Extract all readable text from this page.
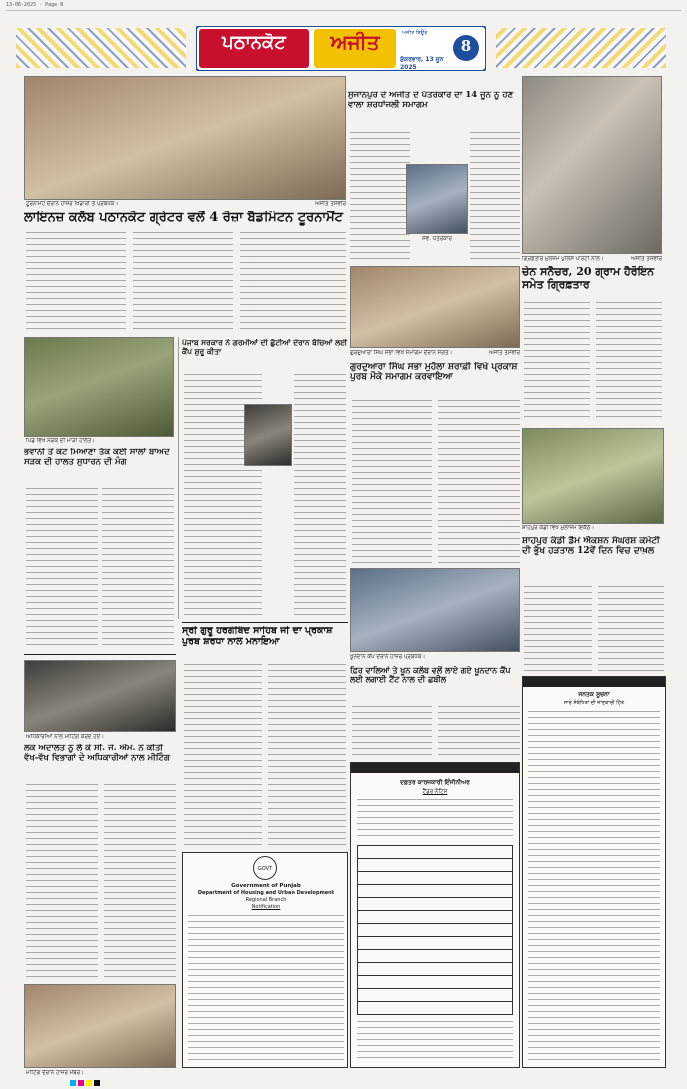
13-06-2025 · Page 8
ਪਠਾਨਕੋਟ	ਅਜੀਤ	ਅਜੀਤ ਬਿਊਰੋ
ਸ਼ੁੱਕਰਵਾਰ, 13 ਜੂਨ 2025
8
ਟੂਰਨਾਮੈਂਟ ਦੌਰਾਨ ਹਾਜ਼ਰ ਖਿਡਾਰੀ ਤੇ ਪ੍ਰਬੰਧਕ।	ਅਜੀਤ ਤਸਵੀਰ
ਲਾਇਨਜ਼ ਕਲੱਬ ਪਠਾਨਕੋਟ ਗ੍ਰੇਟਰ ਵਲੋਂ 4 ਰੋਜ਼ਾ ਬੈਡਮਿੰਟਨ ਟੂਰਨਾਮੈਂਟ
ਸੁਜਾਨਪੁਰ ਦੇ ਅਜੀਤ ਦੇ ਪੱਤਰਕਾਰ ਦਾ 14 ਜੂਨ ਨੂੰ ਹੋਣ ਵਾਲਾ ਸ਼ਰਧਾਂਜਲੀ ਸਮਾਗਮ
ਸਵ. ਪੱਤਰਕਾਰ
ਗ੍ਰਿਫ਼ਤਾਰ ਮੁਲਜ਼ਮ ਪੁਲਿਸ ਪਾਰਟੀ ਨਾਲ।	ਅਜੀਤ ਤਸਵੀਰ
ਚੇਨ ਸਨੈਚਰ, 20 ਗ੍ਰਾਮ ਹੈਰੋਇਨ ਸਮੇਤ ਗ੍ਰਿਫ਼ਤਾਰ
ਪਿੰਡ ਵਿਖੇ ਸੜਕ ਦੀ ਮਾੜੀ ਹਾਲਤ।
ਭਵਾਨੀ ਤੋਂ ਕੋਟ ਮਿਆਣਾ ਤੱਕ ਕਈ ਸਾਲਾਂ ਬਾਅਦ ਸੜਕ ਦੀ ਹਾਲਤ ਸੁਧਾਰਨ ਦੀ ਮੰਗ
ਪੰਜਾਬ ਸਰਕਾਰ ਨੇ ਗਰਮੀਆਂ ਦੀ ਛੁੱਟੀਆਂ ਦੌਰਾਨ ਬੱਚਿਆਂ ਲਈ ਕੈਂਪ ਸ਼ੁਰੂ ਕੀਤਾ	ਗੁਰਦੁਆਰਾ ਸਿੰਘ ਸਭਾ ਵਿਖੇ ਸਮਾਗਮ ਦੌਰਾਨ ਸੰਗਤ।	ਅਜੀਤ ਤਸਵੀਰ
ਗੁਰਦੁਆਰਾ ਸਿੰਘ ਸਭਾ ਮੁਹੱਲਾ ਸ਼ਰਾਫ਼ੀ ਵਿਖੇ ਪ੍ਰਕਾਸ਼ ਪੁਰਬ ਮੌਕੇ ਸਮਾਗਮ ਕਰਵਾਇਆ
ਸ਼ਾਹਪੁਰ ਕੰਡੀ ਵਿਖੇ ਮੁਲਾਜ਼ਮ ਇਕੱਠ।
ਸ਼ਾਹਪੁਰ ਕੰਡੀ ਡੈਮ ਐਕਸ਼ਨ ਸੰਘਰਸ਼ ਕਮੇਟੀ ਦੀ ਭੁੱਖ ਹੜਤਾਲ 12ਵੇਂ ਦਿਨ ਵਿਚ ਦਾਖ਼ਲ
ਸ੍ਰੀ ਗੁਰੂ ਹਰਗੋਬਿੰਦ ਸਾਹਿਬ ਜੀ ਦਾ ਪ੍ਰਕਾਸ਼ ਪੁਰਬ ਸ਼ਰਧਾ ਨਾਲ ਮਨਾਇਆ
ਖੂਨਦਾਨ ਕੈਂਪ ਦੌਰਾਨ ਹਾਜ਼ਰ ਪ੍ਰਬੰਧਕ।
ਫ਼ਿਰ ਵਾਲਿਆਂ ਤੇ ਖੂਨ ਕਲੱਬ ਵਲੋਂ ਲਾਏ ਗਏ ਖੂਨਦਾਨ ਕੈਂਪ ਲਈ ਲਗਾਈ ਟੈਂਟ ਨਾਲ ਦੀ ਛਬੀਲ
ਅਧਿਕਾਰੀਆਂ ਨਾਲ ਮੀਟਿੰਗ ਕਰਦੇ ਹੋਏ।
ਲੋਕ ਅਦਾਲਤ ਨੂੰ ਲੈ ਕੇ ਸੀ. ਜੇ. ਐਮ. ਨੇ ਕੀਤੀ ਵੱਖ-ਵੱਖ ਵਿਭਾਗਾਂ ਦੇ ਅਧਿਕਾਰੀਆਂ ਨਾਲ ਮੀਟਿੰਗ
ਮੀਟਿੰਗ ਦੌਰਾਨ ਹਾਜ਼ਰ ਮੈਂਬਰ।
GOVT
Government of Punjab
Department of Housing and Urban Development
Regional Branch
Notification
ਦਫ਼ਤਰ ਕਾਰਜਕਾਰੀ ਇੰਜੀਨੀਅਰ
ਟੈਂਡਰ ਨੋਟਿਸ
ਜਨਤਕ ਸੂਚਨਾ
ਸਾਰੇ ਸੰਬੰਧਿਤਾਂ ਦੀ ਜਾਣਕਾਰੀ ਹਿੱਤ
